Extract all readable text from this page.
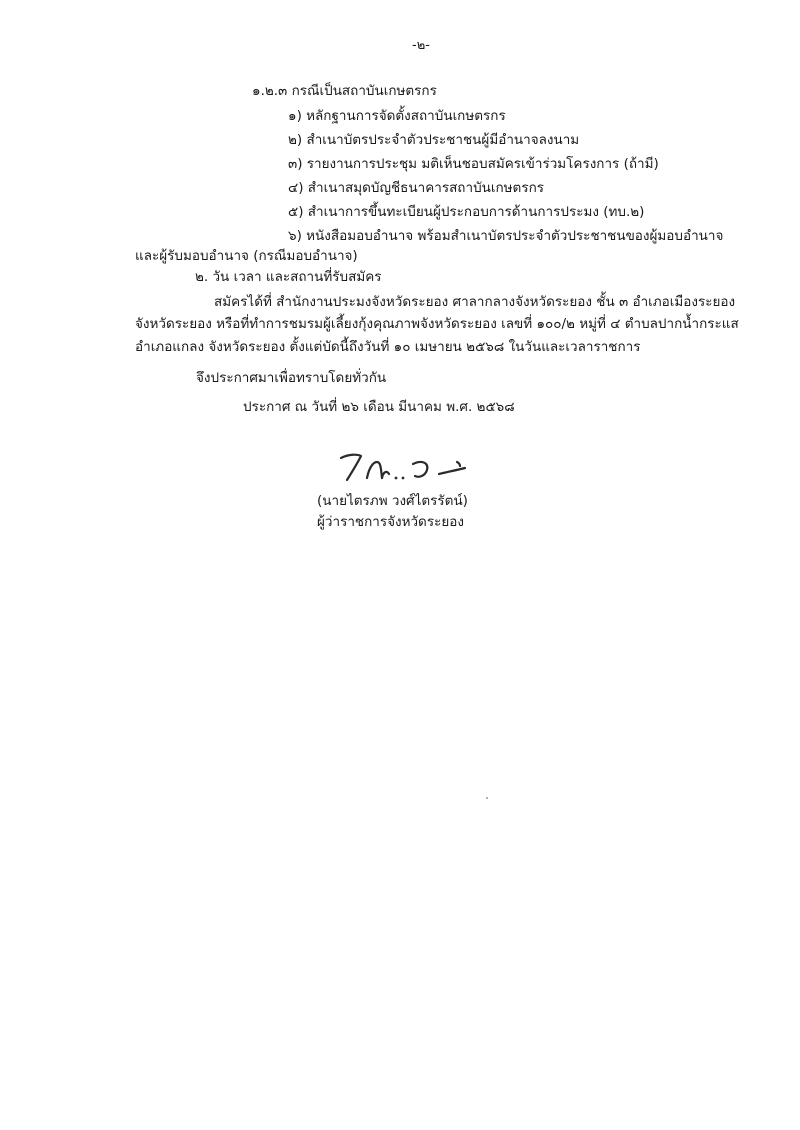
-๒-
๑.๒.๓ กรณีเป็นสถาบันเกษตรกร
๑) หลักฐานการจัดตั้งสถาบันเกษตรกร
๒) สำเนาบัตรประจำตัวประชาชนผู้มีอำนาจลงนาม
๓) รายงานการประชุม มติเห็นชอบสมัครเข้าร่วมโครงการ (ถ้ามี)
๔) สำเนาสมุดบัญชีธนาคารสถาบันเกษตรกร
๕) สำเนาการขึ้นทะเบียนผู้ประกอบการด้านการประมง (ทบ.๒)
๖) หนังสือมอบอำนาจ พร้อมสำเนาบัตรประจำตัวประชาชนของผู้มอบอำนาจ
และผู้รับมอบอำนาจ (กรณีมอบอำนาจ)
๒. วัน เวลา และสถานที่รับสมัคร
สมัครได้ที่ สำนักงานประมงจังหวัดระยอง ศาลากลางจังหวัดระยอง ชั้น ๓ อำเภอเมืองระยอง
จังหวัดระยอง หรือที่ทำการชมรมผู้เลี้ยงกุ้งคุณภาพจังหวัดระยอง เลขที่ ๑๐๐/๒ หมู่ที่ ๔ ตำบลปากน้ำกระแส
อำเภอแกลง จังหวัดระยอง ตั้งแต่บัดนี้ถึงวันที่ ๑๐ เมษายน ๒๕๖๘ ในวันและเวลาราชการ
จึงประกาศมาเพื่อทราบโดยทั่วกัน
ประกาศ ณ วันที่ ๒๖ เดือน มีนาคม พ.ศ. ๒๕๖๘
(นายไตรภพ วงศ์ไตรรัตน์)
ผู้ว่าราชการจังหวัดระยอง
